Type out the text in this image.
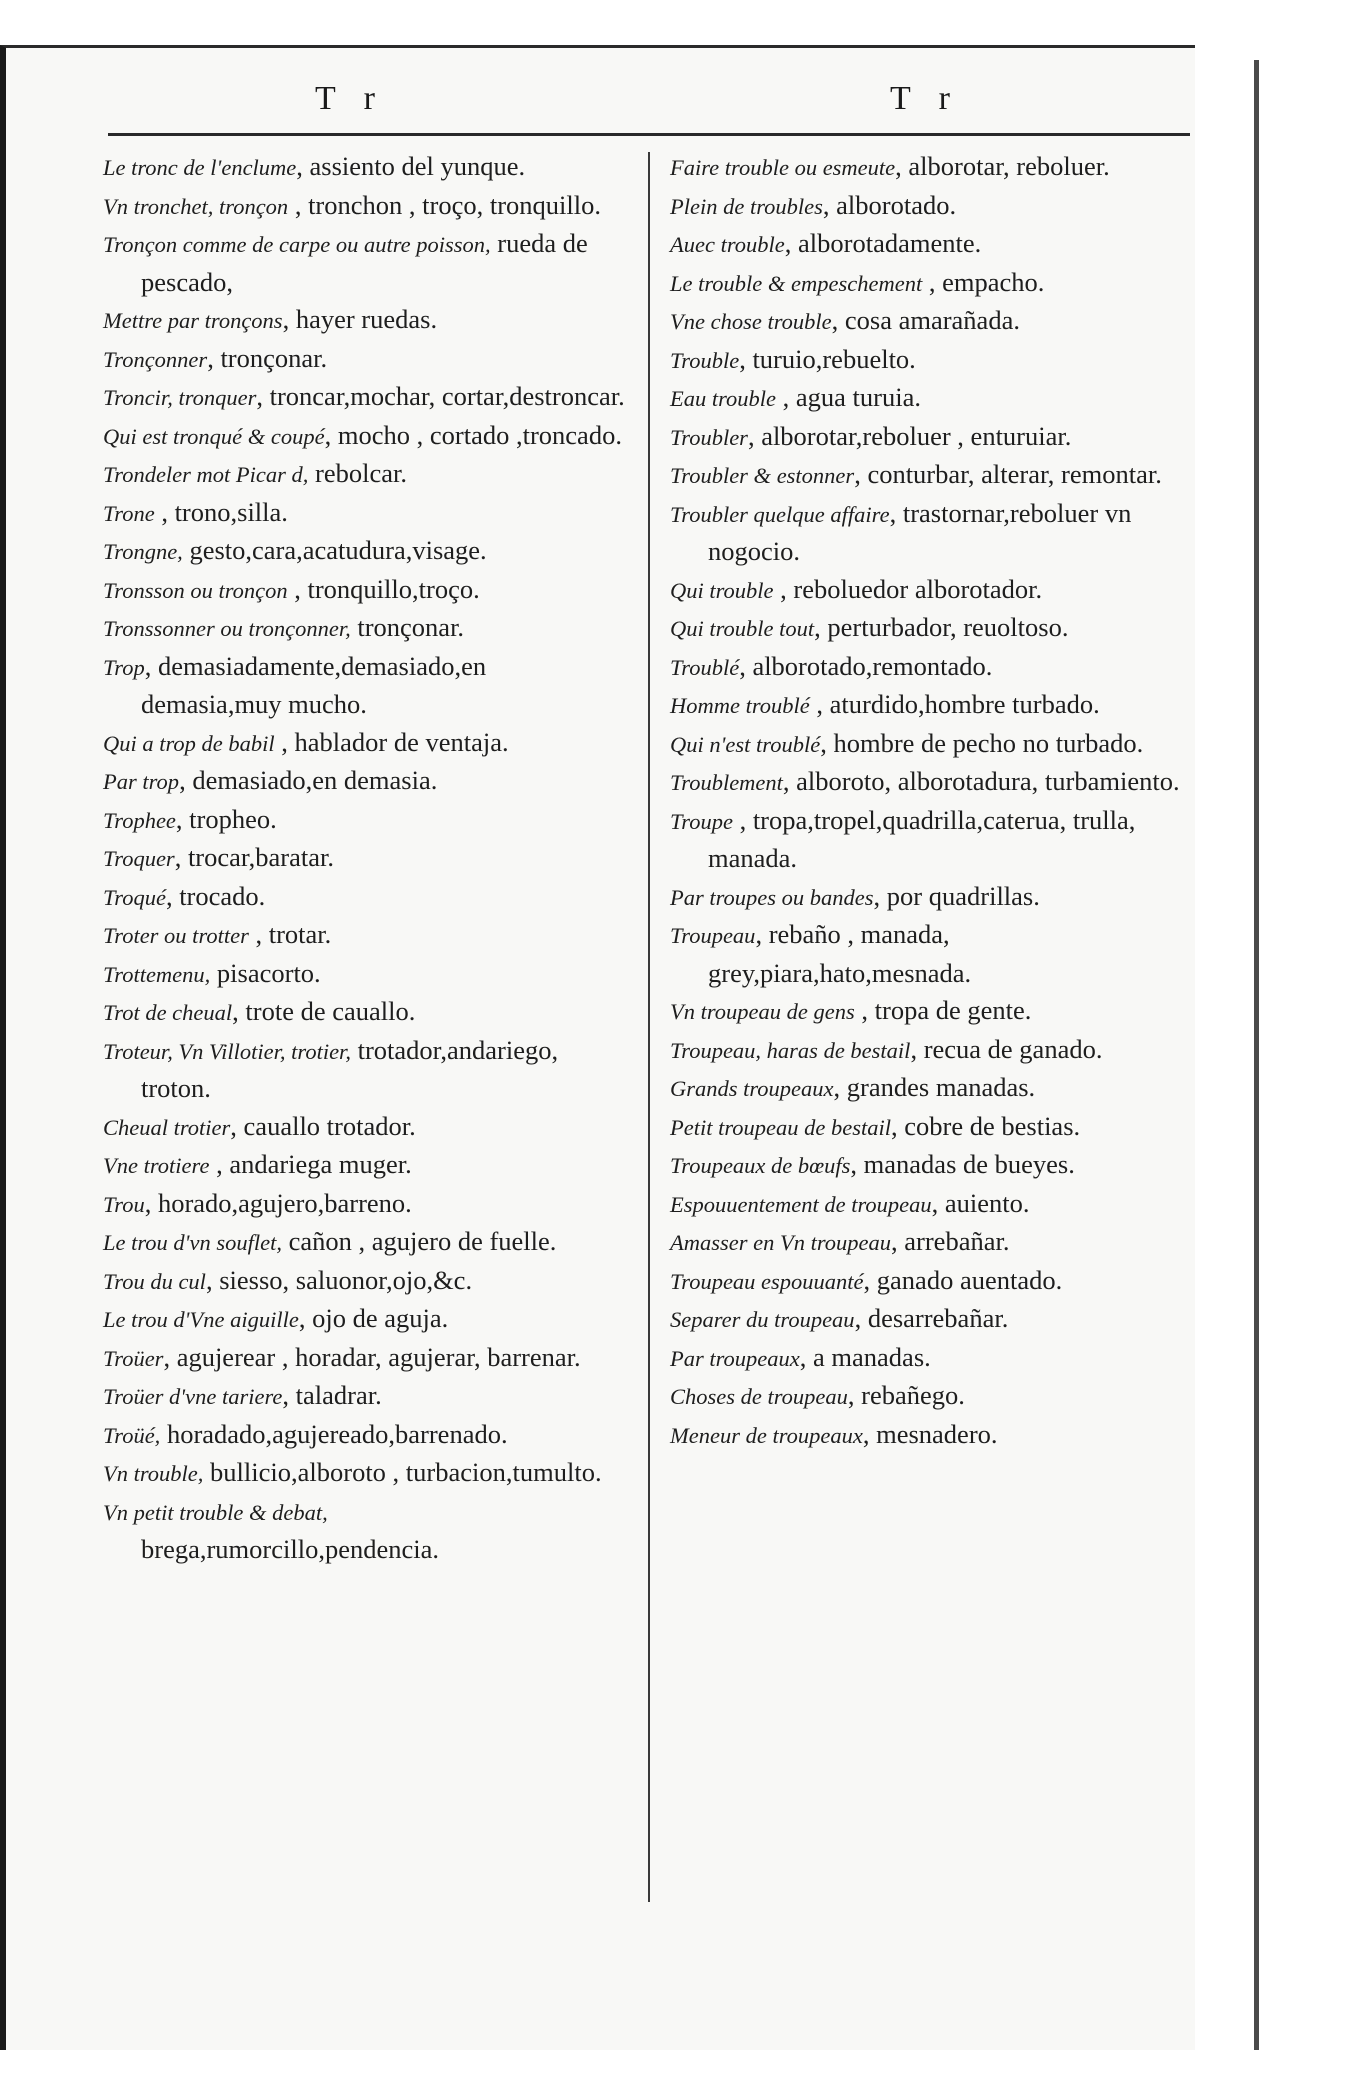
T r	T r

Le tronc de l'enclume, assiento del yunque.

Vn tronchet, tronçon , tronchon , troço, tronquillo.

Tronçon comme de carpe ou autre poisson, rueda de pescado,

Mettre par tronçons, hayer ruedas.

Tronçonner, tronçonar.

Troncir, tronquer, troncar,mochar, cortar,destroncar.

Qui est tronqué & coupé, mocho , cortado ,troncado.

Trondeler mot Picar d, rebolcar.

Trone , trono,silla.

Trongne, gesto,cara,acatudura,visage.

Tronsson ou tronçon , tronquillo,troço.

Tronssonner ou tronçonner, tronçonar.

Trop, demasiadamente,demasiado,en demasia,muy mucho.

Qui a trop de babil , hablador de ventaja.

Par trop, demasiado,en demasia.

Trophee, tropheo.

Troquer, trocar,baratar.

Troqué, trocado.

Troter ou trotter , trotar.

Trottemenu, pisacorto.

Trot de cheual, trote de cauallo.

Troteur, Vn Villotier, trotier, trotador,andariego, troton.

Cheual trotier, cauallo trotador.

Vne trotiere , andariega muger.

Trou, horado,agujero,barreno.

Le trou d'vn souflet, cañon , agujero de fuelle.

Trou du cul, siesso, saluonor,ojo,&c.

Le trou d'Vne aiguille, ojo de aguja.

Troüer, agujerear , horadar, agujerar, barrenar.

Troüer d'vne tariere, taladrar.

Troüé, horadado,agujereado,barrenado.

Vn trouble, bullicio,alboroto , turbacion,tumulto.

Vn petit trouble & debat, brega,rumorcillo,pendencia.

Faire trouble ou esmeute, alborotar, reboluer.

Plein de troubles, alborotado.

Auec trouble, alborotadamente.

Le trouble & empeschement , empacho.

Vne chose trouble, cosa amarañada.

Trouble, turuio,rebuelto.

Eau trouble , agua turuia.

Troubler, alborotar,reboluer , enturuiar.

Troubler & estonner, conturbar, alterar, remontar.

Troubler quelque affaire, trastornar,reboluer vn nogocio.

Qui trouble , reboluedor alborotador.

Qui trouble tout, perturbador, reuoltoso.

Troublé, alborotado,remontado.

Homme troublé , aturdido,hombre turbado.

Qui n'est troublé, hombre de pecho no turbado.

Troublement, alboroto, alborotadura, turbamiento.

Troupe , tropa,tropel,quadrilla,caterua, trulla, manada.

Par troupes ou bandes, por quadrillas.

Troupeau, rebaño , manada, grey,piara,hato,mesnada.

Vn troupeau de gens , tropa de gente.

Troupeau, haras de bestail, recua de ganado.

Grands troupeaux, grandes manadas.

Petit troupeau de bestail, cobre de bestias.

Troupeaux de bœufs, manadas de bueyes.

Espouuentement de troupeau, auiento.

Amasser en Vn troupeau, arrebañar.

Troupeau espouuanté, ganado auentado.

Separer du troupeau, desarrebañar.

Par troupeaux, a manadas.

Choses de troupeau, rebañego.

Meneur de troupeaux, mesnadero.
